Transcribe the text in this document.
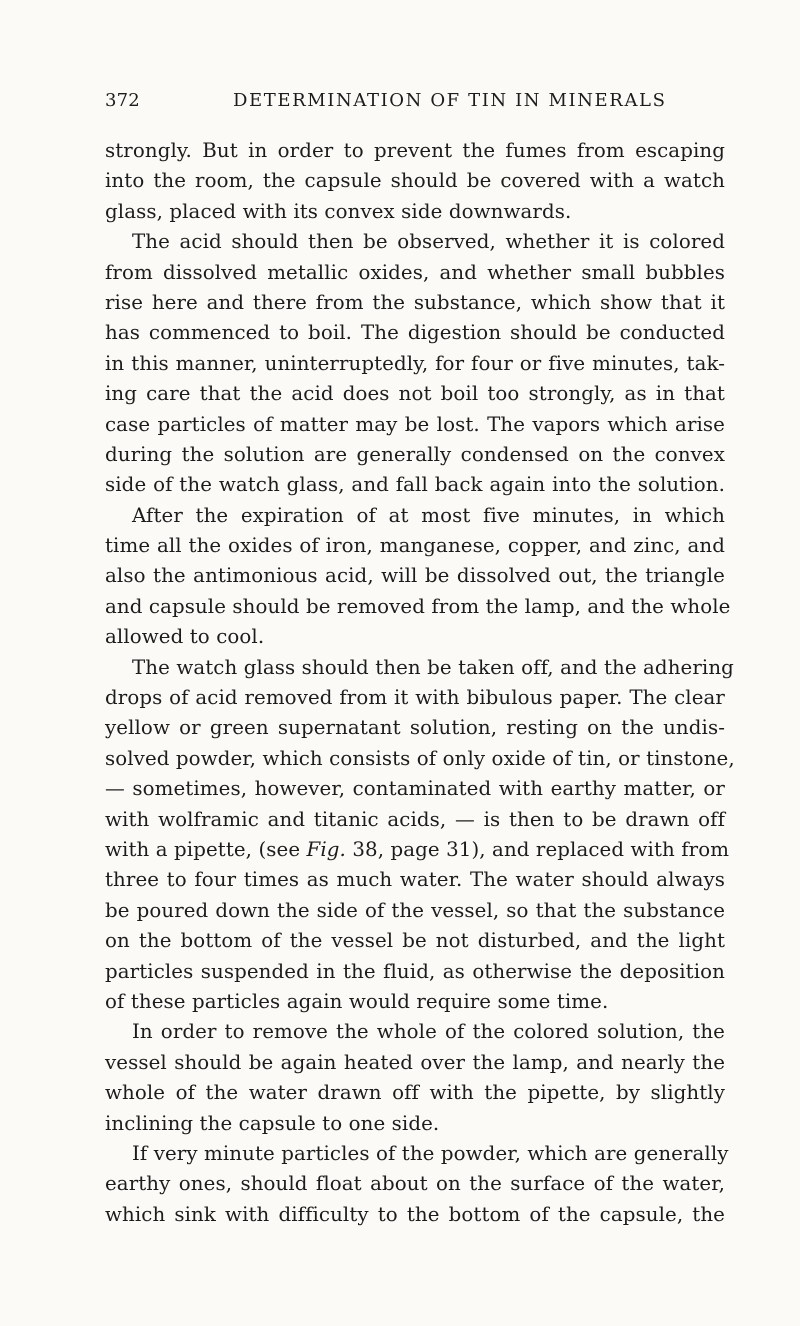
372	DETERMINATION OF TIN IN MINERALS
strongly. But in order to prevent the fumes from escaping
into the room, the capsule should be covered with a watch
glass, placed with its convex side downwards.
The acid should then be observed, whether it is colored
from dissolved metallic oxides, and whether small bubbles
rise here and there from the substance, which show that it
has commenced to boil. The digestion should be conducted
in this manner, uninterruptedly, for four or five minutes, tak-
ing care that the acid does not boil too strongly, as in that
case particles of matter may be lost. The vapors which arise
during the solution are generally condensed on the convex
side of the watch glass, and fall back again into the solution.
After the expiration of at most five minutes, in which
time all the oxides of iron, manganese, copper, and zinc, and
also the antimonious acid, will be dissolved out, the triangle
and capsule should be removed from the lamp, and the whole
allowed to cool.
The watch glass should then be taken off, and the adhering
drops of acid removed from it with bibulous paper. The clear
yellow or green supernatant solution, resting on the undis-
solved powder, which consists of only oxide of tin, or tinstone,
— sometimes, however, contaminated with earthy matter, or
with wolframic and titanic acids, — is then to be drawn off
with a pipette, (see Fig. 38, page 31), and replaced with from
three to four times as much water. The water should always
be poured down the side of the vessel, so that the substance
on the bottom of the vessel be not disturbed, and the light
particles suspended in the fluid, as otherwise the deposition
of these particles again would require some time.
In order to remove the whole of the colored solution, the
vessel should be again heated over the lamp, and nearly the
whole of the water drawn off with the pipette, by slightly
inclining the capsule to one side.
If very minute particles of the powder, which are generally
earthy ones, should float about on the surface of the water,
which sink with difficulty to the bottom of the capsule, the
